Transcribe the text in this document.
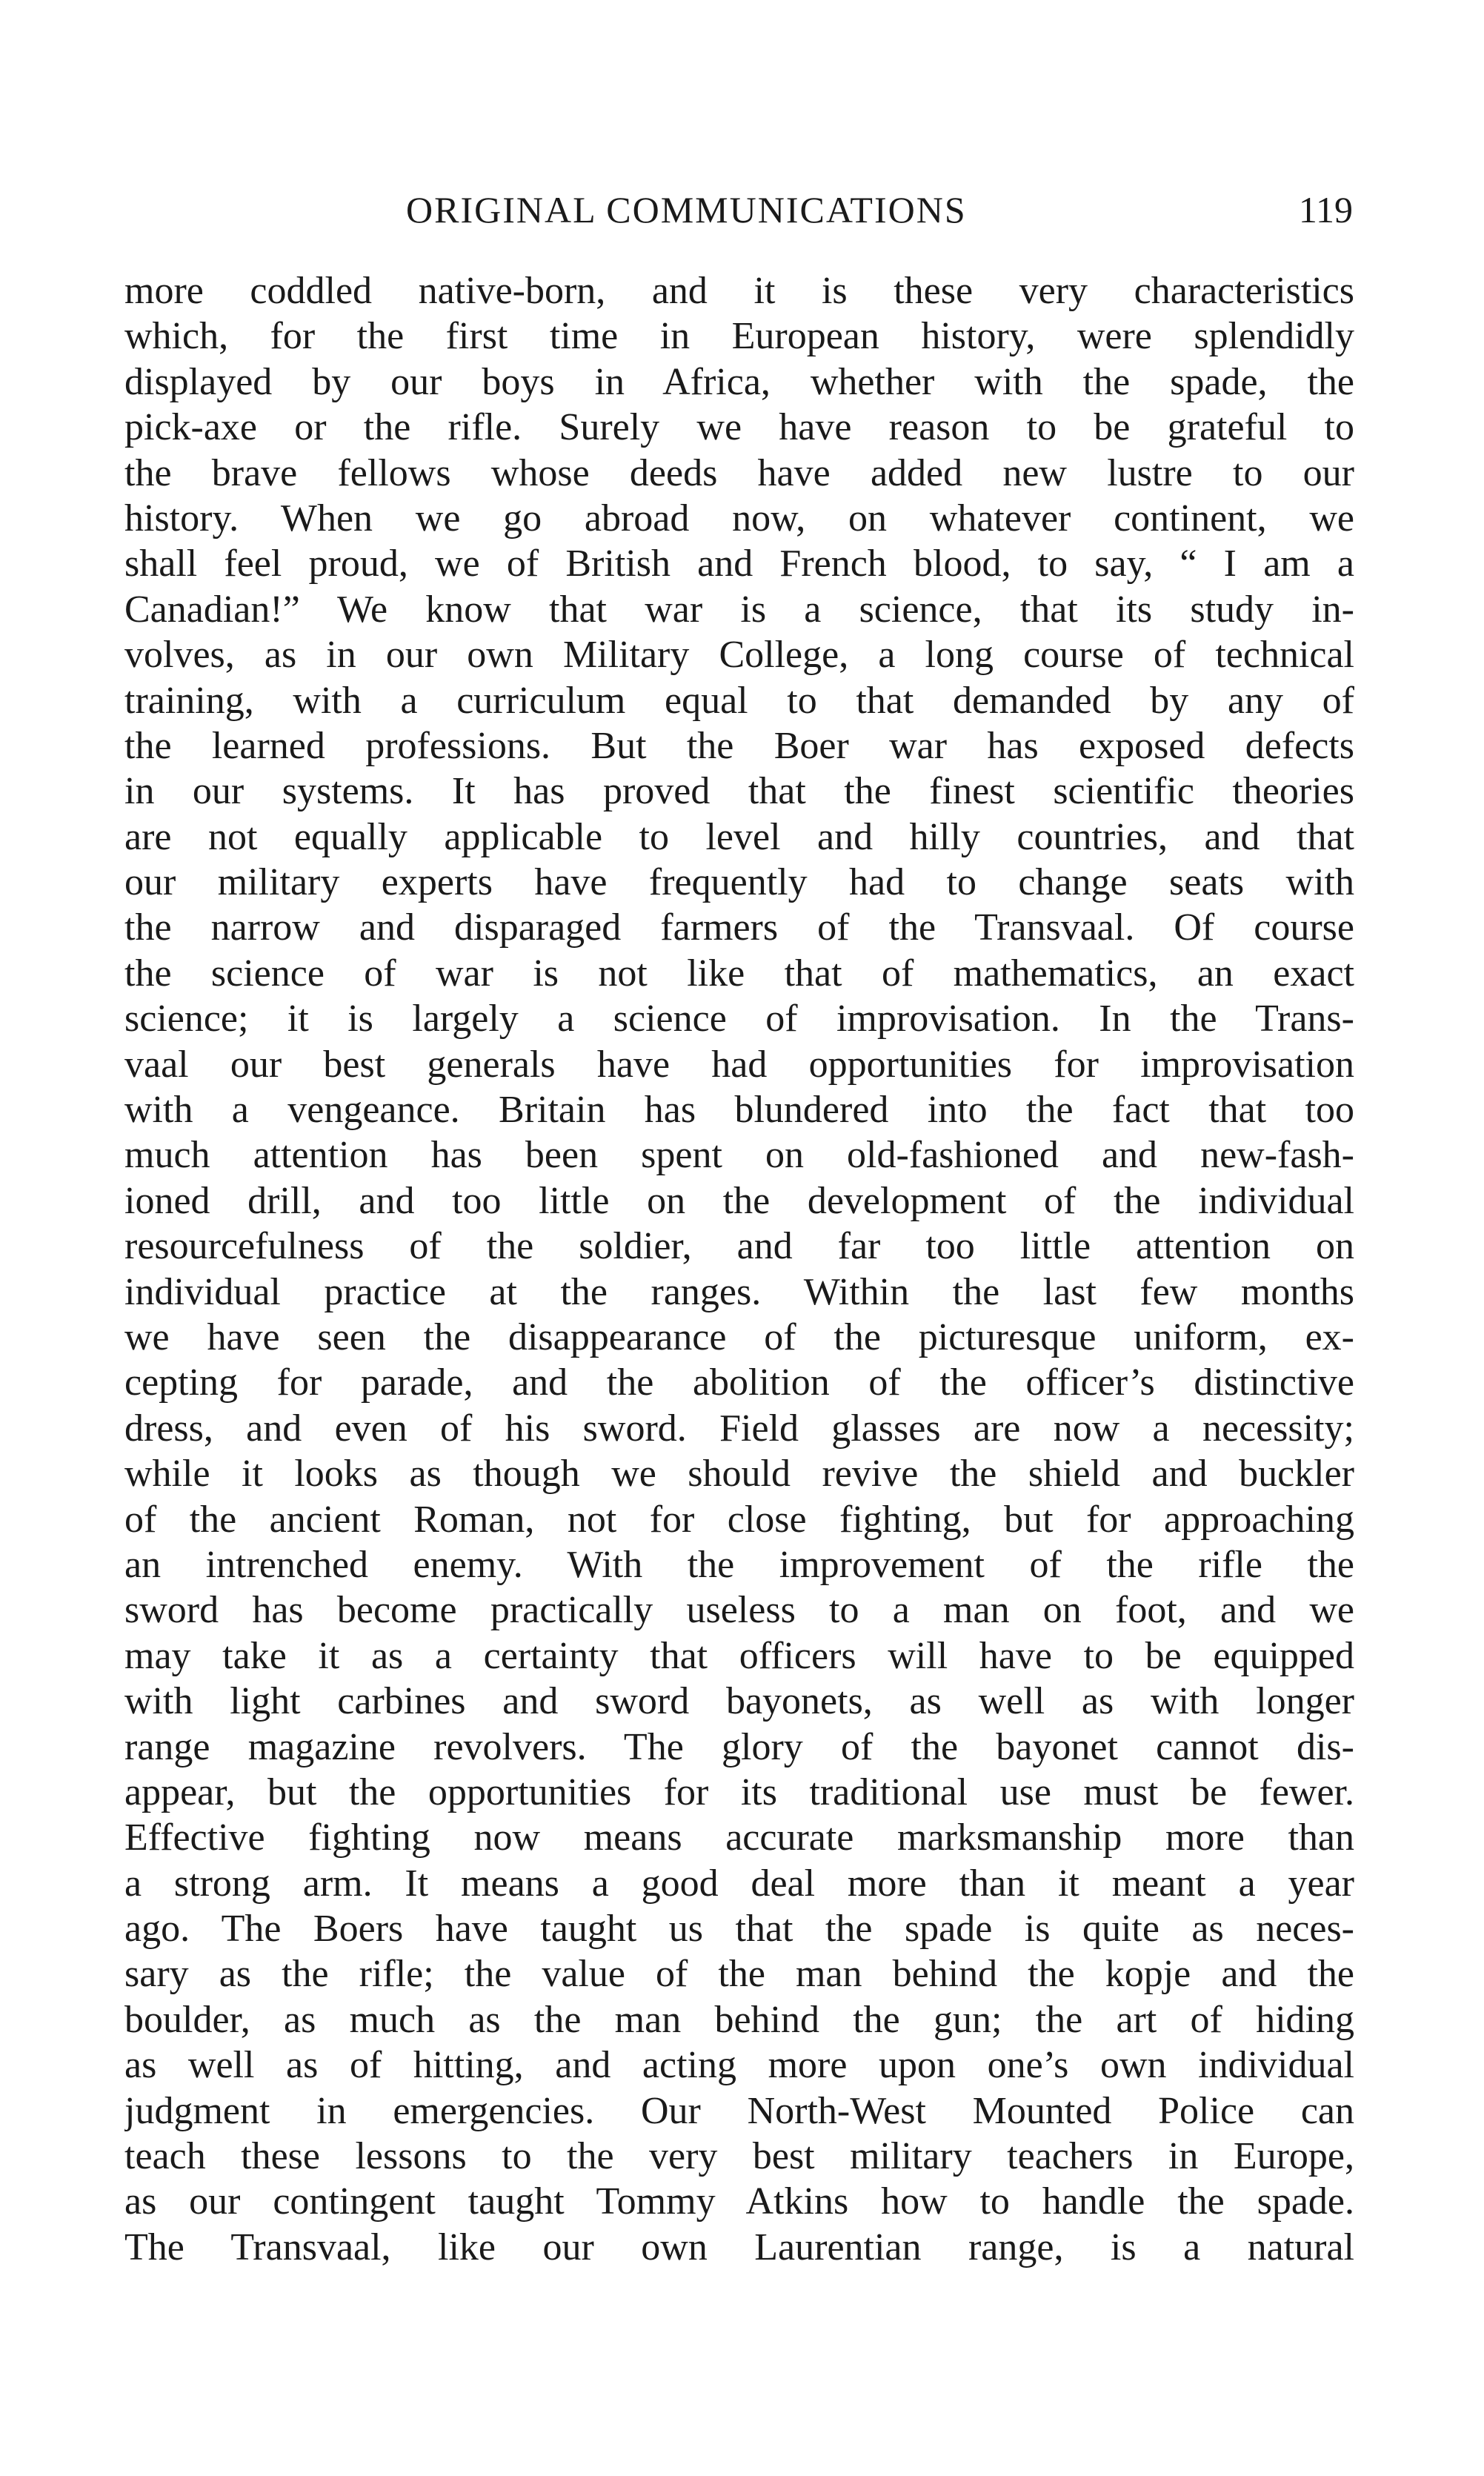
ORIGINAL COMMUNICATIONS	119
more coddled native-born, and it is these very characteristics
which, for the first time in European history, were splendidly
displayed by our boys in Africa, whether with the spade, the
pick-axe or the rifle. Surely we have reason to be grateful to
the brave fellows whose deeds have added new lustre to our
history. When we go abroad now, on whatever continent, we
shall feel proud, we of British and French blood, to say, “ I am a
Canadian!” We know that war is a science, that its study in-
volves, as in our own Military College, a long course of technical
training, with a curriculum equal to that demanded by any of
the learned professions. But the Boer war has exposed defects
in our systems. It has proved that the finest scientific theories
are not equally applicable to level and hilly countries, and that
our military experts have frequently had to change seats with
the narrow and disparaged farmers of the Transvaal. Of course
the science of war is not like that of mathematics, an exact
science; it is largely a science of improvisation. In the Trans-
vaal our best generals have had opportunities for improvisation
with a vengeance. Britain has blundered into the fact that too
much attention has been spent on old-fashioned and new-fash-
ioned drill, and too little on the development of the individual
resourcefulness of the soldier, and far too little attention on
individual practice at the ranges. Within the last few months
we have seen the disappearance of the picturesque uniform, ex-
cepting for parade, and the abolition of the officer’s distinctive
dress, and even of his sword. Field glasses are now a necessity;
while it looks as though we should revive the shield and buckler
of the ancient Roman, not for close fighting, but for approaching
an intrenched enemy. With the improvement of the rifle the
sword has become practically useless to a man on foot, and we
may take it as a certainty that officers will have to be equipped
with light carbines and sword bayonets, as well as with longer
range magazine revolvers. The glory of the bayonet cannot dis-
appear, but the opportunities for its traditional use must be fewer.
Effective fighting now means accurate marksmanship more than
a strong arm. It means a good deal more than it meant a year
ago. The Boers have taught us that the spade is quite as neces-
sary as the rifle; the value of the man behind the kopje and the
boulder, as much as the man behind the gun; the art of hiding
as well as of hitting, and acting more upon one’s own individual
judgment in emergencies. Our North-West Mounted Police can
teach these lessons to the very best military teachers in Europe,
as our contingent taught Tommy Atkins how to handle the spade.
The Transvaal, like our own Laurentian range, is a natural
